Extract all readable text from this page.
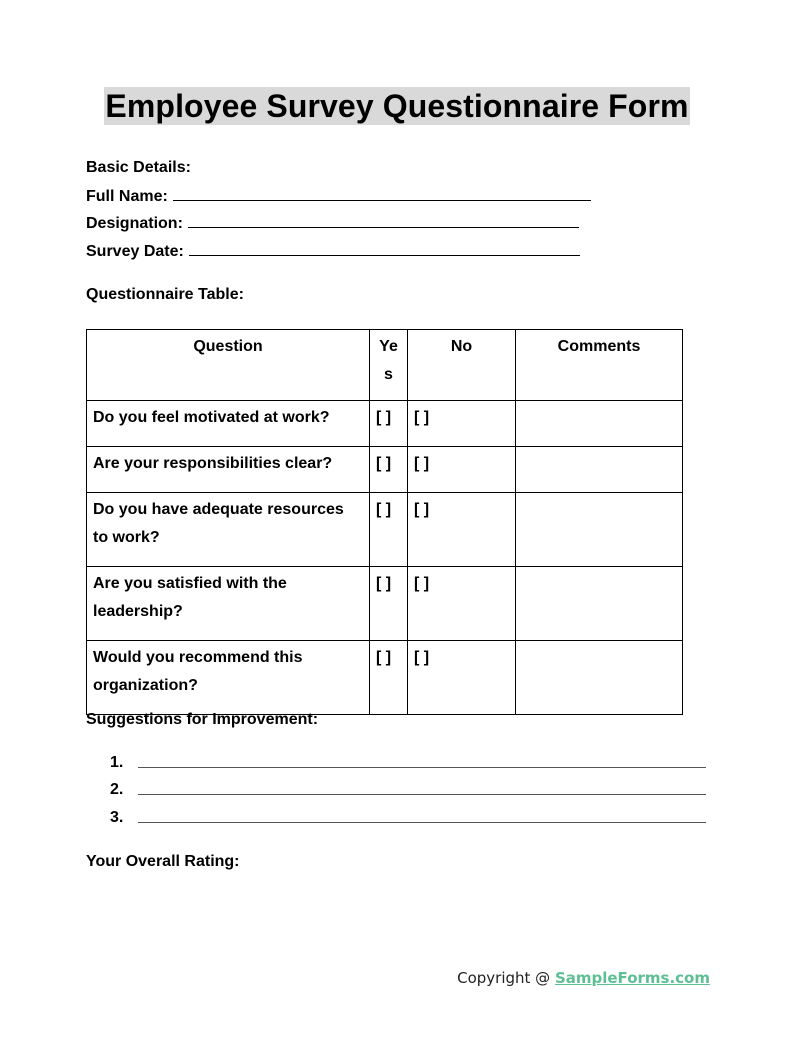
Employee Survey Questionnaire Form
Basic Details:
Full Name:
Designation:
Survey Date:
Questionnaire Table:
Question	Yes	No	Comments
Do you feel motivated at work?	[ ]	[ ]	
Are your responsibilities clear?	[ ]	[ ]	
Do you have adequate resources to work?	[ ]	[ ]	
Are you satisfied with the leadership?	[ ]	[ ]	
Would you recommend this organization?	[ ]	[ ]	
Suggestions for Improvement:
1.
2.
3.
Your Overall Rating:
Copyright @ SampleForms.com
